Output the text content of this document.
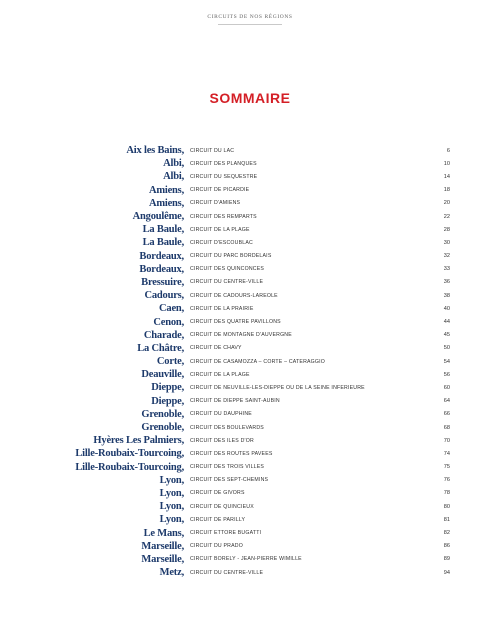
CIRCUITS DE NOS RÉGIONS
SOMMAIRE
Aix les Bains,	CIRCUIT DU LAC	6
Albi,	CIRCUIT DES PLANQUES	10
Albi,	CIRCUIT DU SÉQUESTRE	14
Amiens,	CIRCUIT DE PICARDIE	18
Amiens,	CIRCUIT D'AMIENS	20
Angoulême,	CIRCUIT DES REMPARTS	22
La Baule,	CIRCUIT DE LA PLAGE	28
La Baule,	CIRCUIT D'ESCOUBLAC	30
Bordeaux,	CIRCUIT DU PARC BORDELAIS	32
Bordeaux,	CIRCUIT DES QUINCONCES	33
Bressuire,	CIRCUIT DU CENTRE-VILLE	36
Cadours,	CIRCUIT DE CADOURS-LARÉOLE	38
Caen,	CIRCUIT DE LA PRAIRIE	40
Cenon,	CIRCUIT DES QUATRE PAVILLONS	44
Charade,	CIRCUIT DE MONTAGNE D'AUVERGNE	45
La Châtre,	CIRCUIT DE CHAVY	50
Corte,	CIRCUIT DE CASAMOZZA – CORTE – CATERAGGIO	54
Deauville,	CIRCUIT DE LA PLAGE	56
Dieppe,	CIRCUIT DE NEUVILLE-LÈS-DIEPPE OU DE LA SEINE INFÉRIEURE	60
Dieppe,	CIRCUIT DE DIEPPE SAINT-AUBIN	64
Grenoble,	CIRCUIT DU DAUPHINÉ	66
Grenoble,	CIRCUIT DES BOULEVARDS	68
Hyères Les Palmiers,	CIRCUIT DES ÎLES D'OR	70
Lille-Roubaix-Tourcoing,	CIRCUIT DES ROUTES PAVÉES	74
Lille-Roubaix-Tourcoing,	CIRCUIT DES TROIS VILLES	75
Lyon,	CIRCUIT DES SEPT-CHEMINS	76
Lyon,	CIRCUIT DE GIVORS	78
Lyon,	CIRCUIT DE QUINCIEUX	80
Lyon,	CIRCUIT DE PARILLY	81
Le Mans,	CIRCUIT ETTORE BUGATTI	82
Marseille,	CIRCUIT DU PRADO	86
Marseille,	CIRCUIT BORÉLY - JEAN-PIERRE WIMILLE	89
Metz,	CIRCUIT DU CENTRE-VILLE	94
